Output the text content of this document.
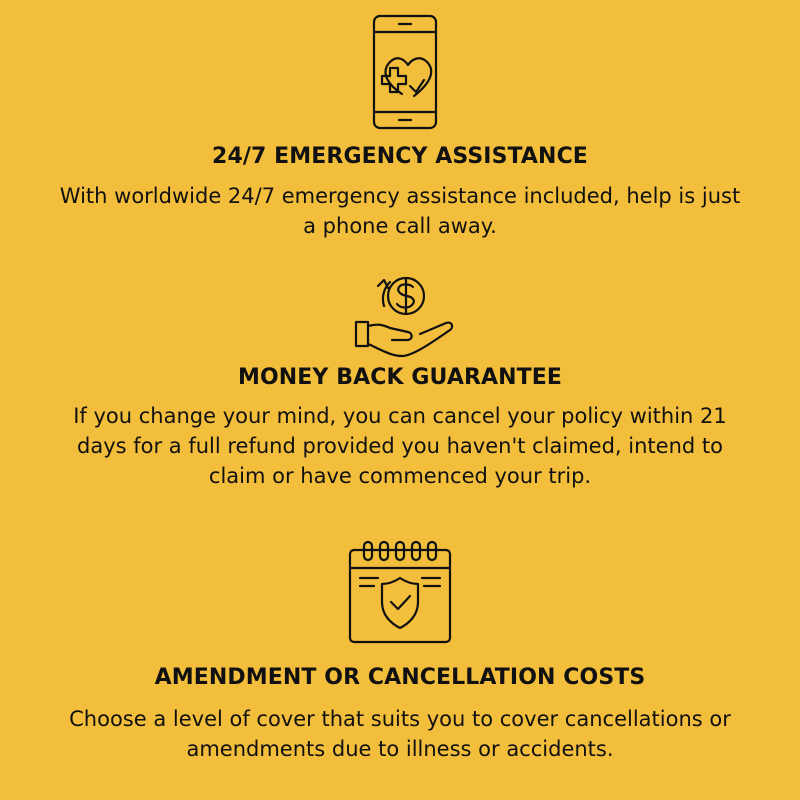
24/7 EMERGENCY ASSISTANCE

With worldwide 24/7 emergency assistance included, help is just
a phone call away.

MONEY BACK GUARANTEE

If you change your mind, you can cancel your policy within 21
days for a full refund provided you haven't claimed, intend to
claim or have commenced your trip.

AMENDMENT OR CANCELLATION COSTS

Choose a level of cover that suits you to cover cancellations or
amendments due to illness or accidents.
